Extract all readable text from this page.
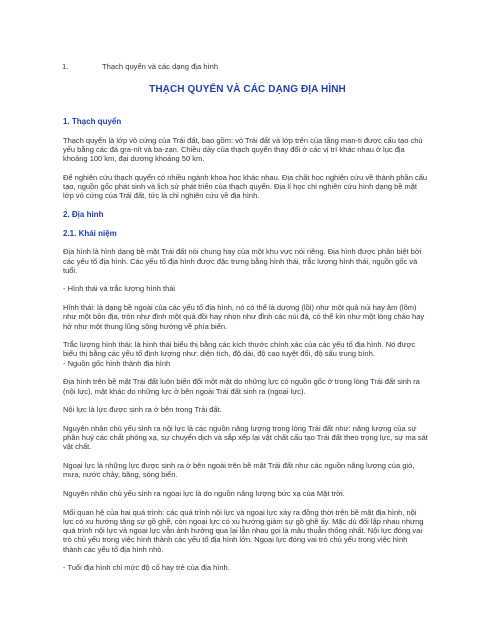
1.	Thạch quyển và các dạng địa hình
THẠCH QUYỂN VÀ CÁC DẠNG ĐỊA HÌNH
1. Thạch quyển

Thạch quyển là lớp vỏ cứng của Trái đất, bao gồm: vỏ Trái đất và lớp trên của tầng man-ti được cấu tạo chủ yếu bằng các đá gra-nít và ba-zan. Chiều dày của thạch quyển thay đổi ở các vị trí khác nhau ở lục địa khoảng 100 km, đại dương khoảng 50 km.

Để nghiên cứu thạch quyển có nhiều ngành khoa học khác nhau. Địa chất học nghiên cứu về thành phần cấu tạo, nguồn gốc phát sinh và lịch sử phát triển của thạch quyển. Địa lí học chỉ nghiên cứu hình dạng bề mặt lớp vỏ cứng của Trái đất, tức là chỉ nghiên cứu về địa hình.

2. Địa hình
2.1. Khái niệm

Địa hình là hình dạng bề mặt Trái đất nói chung hay của một khu vực nói riêng. Địa hình được phân biệt bởi các yếu tố địa hình. Các yếu tố địa hình được đặc trưng bằng hình thái, trắc lượng hình thái, nguồn gốc và tuổi.

- Hình thái và trắc lượng hình thái

Hình thái: là dạng bề ngoài của các yếu tố địa hình, nó có thể là dương (lồi) như một quả núi hay âm (lõm) như một bồn địa, tròn như đỉnh một quả đồi hay nhọn như đỉnh các núi đá, có thể kín như một lòng chảo hay hở như một thung lũng sông hướng về phía biển.

Trắc lượng hình thái: là hình thái biểu thị bằng các kích thước chính xác của các yếu tố địa hình. Nó được biểu thị bằng các yếu tố định lượng như: diện tích, độ dài, độ cao tuyệt đối, độ sâu trung bình.

- Nguồn gốc hình thành địa hình

Địa hình trên bề mặt Trái đất luôn biến đổi một mặt do những lực có nguồn gốc ở trong lòng Trái đất sinh ra (nội lực), mặt khác do những lực ở bên ngoài Trái đất sinh ra (ngoại lực).

Nội lực là lực được sinh ra ở bên trong Trái đất.

Nguyên nhân chủ yếu sinh ra nội lực là các nguồn năng lượng trong lòng Trái đất như: năng lượng của sự phân huỷ các chất phóng xạ, sự chuyển dịch và sắp xếp lại vật chất cấu tạo Trái đất theo trọng lực, sự ma sát vật chất.

Ngoại lực là những lực được sinh ra ở bên ngoài trên bề mặt Trái đất như các nguồn năng lượng của gió, mưa, nước chảy, băng, sóng biển.

Nguyên nhân chủ yếu sinh ra ngoại lực là do nguồn năng lượng bức xạ của Mặt trời.

Mối quan hệ của hai quá trình: các quá trình nội lực và ngoại lực xảy ra đồng thời trên bề mặt địa hình, nội lực có xu hướng tăng sự gồ ghề, còn ngoại lực có xu hướng giảm sự gồ ghề ấy. Mặc dù đối lập nhau nhưng quá trình nội lực và ngoại lực vẫn ảnh hưởng qua lại lẫn nhau gọi là mâu thuẫn thống nhất. Nội lực đóng vai trò chủ yếu trong việc hình thành các yếu tố địa hình lớn. Ngoại lực đóng vai trò chủ yếu trong việc hình thành các yếu tố địa hình nhỏ.

- Tuổi địa hình chỉ mức độ cổ hay trẻ của địa hình.
